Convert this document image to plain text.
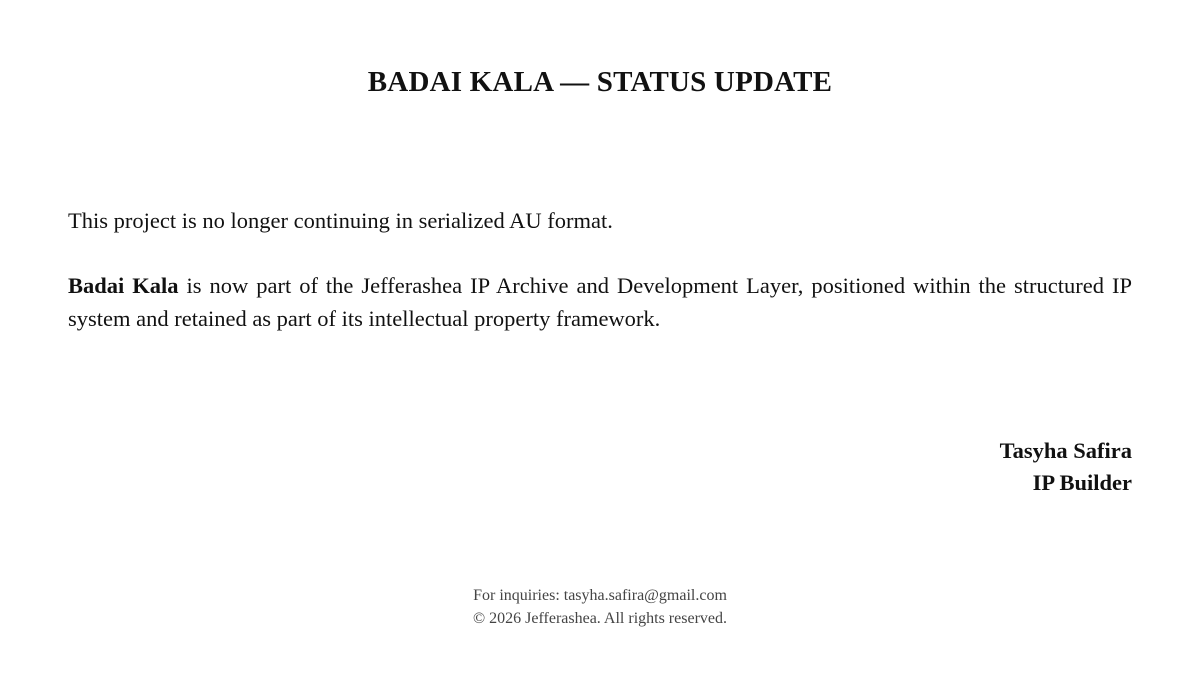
BADAI KALA — STATUS UPDATE

This project is no longer continuing in serialized AU format.

Badai Kala is now part of the Jefferashea IP Archive and Development Layer, positioned within the structured IP system and retained as part of its intellectual property framework.

Tasyha Safira
IP Builder
For inquiries: tasyha.safira@gmail.com
© 2026 Jefferashea. All rights reserved.
